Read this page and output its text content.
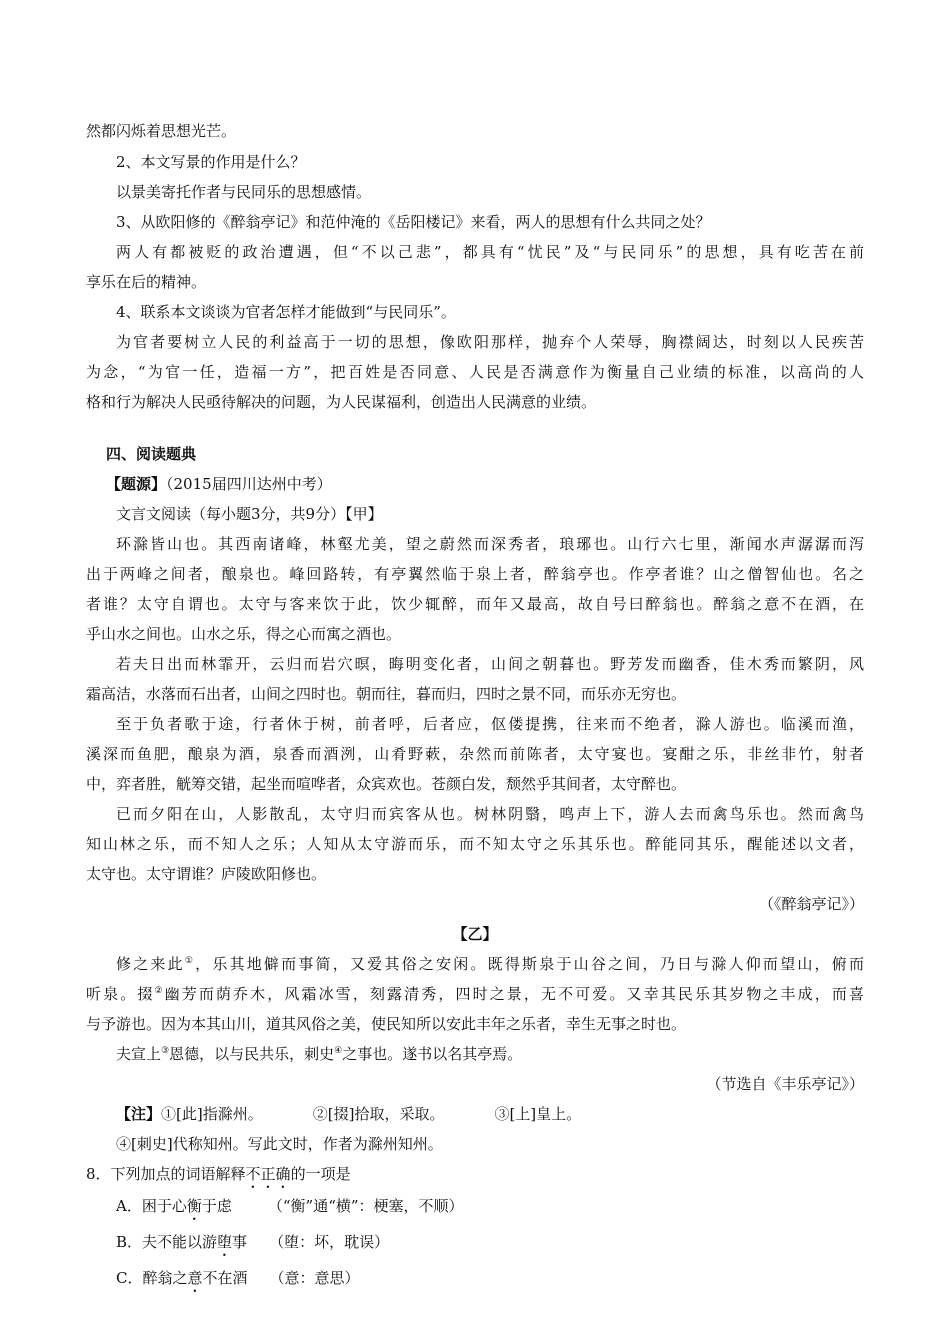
然都闪烁着思想光芒。
2、本文写景的作用是什么？
以景美寄托作者与民同乐的思想感情。
3、从欧阳修的《醉翁亭记》和范仲淹的《岳阳楼记》来看，两人的思想有什么共同之处？
两人有都被贬的政治遭遇，但“不以己悲”，都具有“忧民”及“与民同乐”的思想，具有吃苦在前
享乐在后的精神。
4、联系本文谈谈为官者怎样才能做到“与民同乐”。
为官者要树立人民的利益高于一切的思想，像欧阳那样，抛弃个人荣辱，胸襟阔达，时刻以人民疾苦
为念，“为官一任，造福一方”，把百姓是否同意、人民是否满意作为衡量自己业绩的标准，以高尚的人
格和行为解决人民亟待解决的问题，为人民谋福利，创造出人民满意的业绩。
四、阅读题典
【题源】（2015届四川达州中考）
文言文阅读（每小题3分，共9分）【甲】
环滁皆山也。其西南诸峰，林壑尤美，望之蔚然而深秀者，琅琊也。山行六七里，渐闻水声潺潺而泻
出于两峰之间者，酿泉也。峰回路转，有亭翼然临于泉上者，醉翁亭也。作亭者谁？山之僧智仙也。名之
者谁？太守自谓也。太守与客来饮于此，饮少辄醉，而年又最高，故自号曰醉翁也。醉翁之意不在酒，在
乎山水之间也。山水之乐，得之心而寓之酒也。
若夫日出而林霏开，云归而岩穴暝，晦明变化者，山间之朝暮也。野芳发而幽香，佳木秀而繁阴，风
霜高洁，水落而石出者，山间之四时也。朝而往，暮而归，四时之景不同，而乐亦无穷也。
至于负者歌于途，行者休于树，前者呼，后者应，伛偻提携，往来而不绝者，滁人游也。临溪而渔，
溪深而鱼肥，酿泉为酒，泉香而酒洌，山肴野蔌，杂然而前陈者，太守宴也。宴酣之乐，非丝非竹，射者
中，弈者胜，觥筹交错，起坐而喧哗者，众宾欢也。苍颜白发，颓然乎其间者，太守醉也。
已而夕阳在山，人影散乱，太守归而宾客从也。树林阴翳，鸣声上下，游人去而禽鸟乐也。然而禽鸟
知山林之乐，而不知人之乐；人知从太守游而乐，而不知太守之乐其乐也。醉能同其乐，醒能述以文者，
太守也。太守谓谁？庐陵欧阳修也。
（《醉翁亭记》）
【乙】
修之来此①，乐其地僻而事简，又爱其俗之安闲。既得斯泉于山谷之间，乃日与滁人仰而望山，俯而
听泉。掇②幽芳而荫乔木，风霜冰雪，刻露清秀，四时之景，无不可爱。又幸其民乐其岁物之丰成，而喜
与予游也。因为本其山川，道其风俗之美，使民知所以安此丰年之乐者，幸生无事之时也。
夫宣上③恩德，以与民共乐，刺史④之事也。遂书以名其亭焉。
（节选自《丰乐亭记》）
【注】①[此]指滁州。	②[掇]拾取，采取。	③[上]皇上。
④[刺史]代称知州。写此文时，作者为滁州知州。
8．下列加点的词语解释不正确的一项是
A．困于心衡于虑 （“衡”通“横”：梗塞，不顺）
B．夫不能以游堕事 （堕：坏，耽误）
C．醉翁之意不在酒 （意：意思）
